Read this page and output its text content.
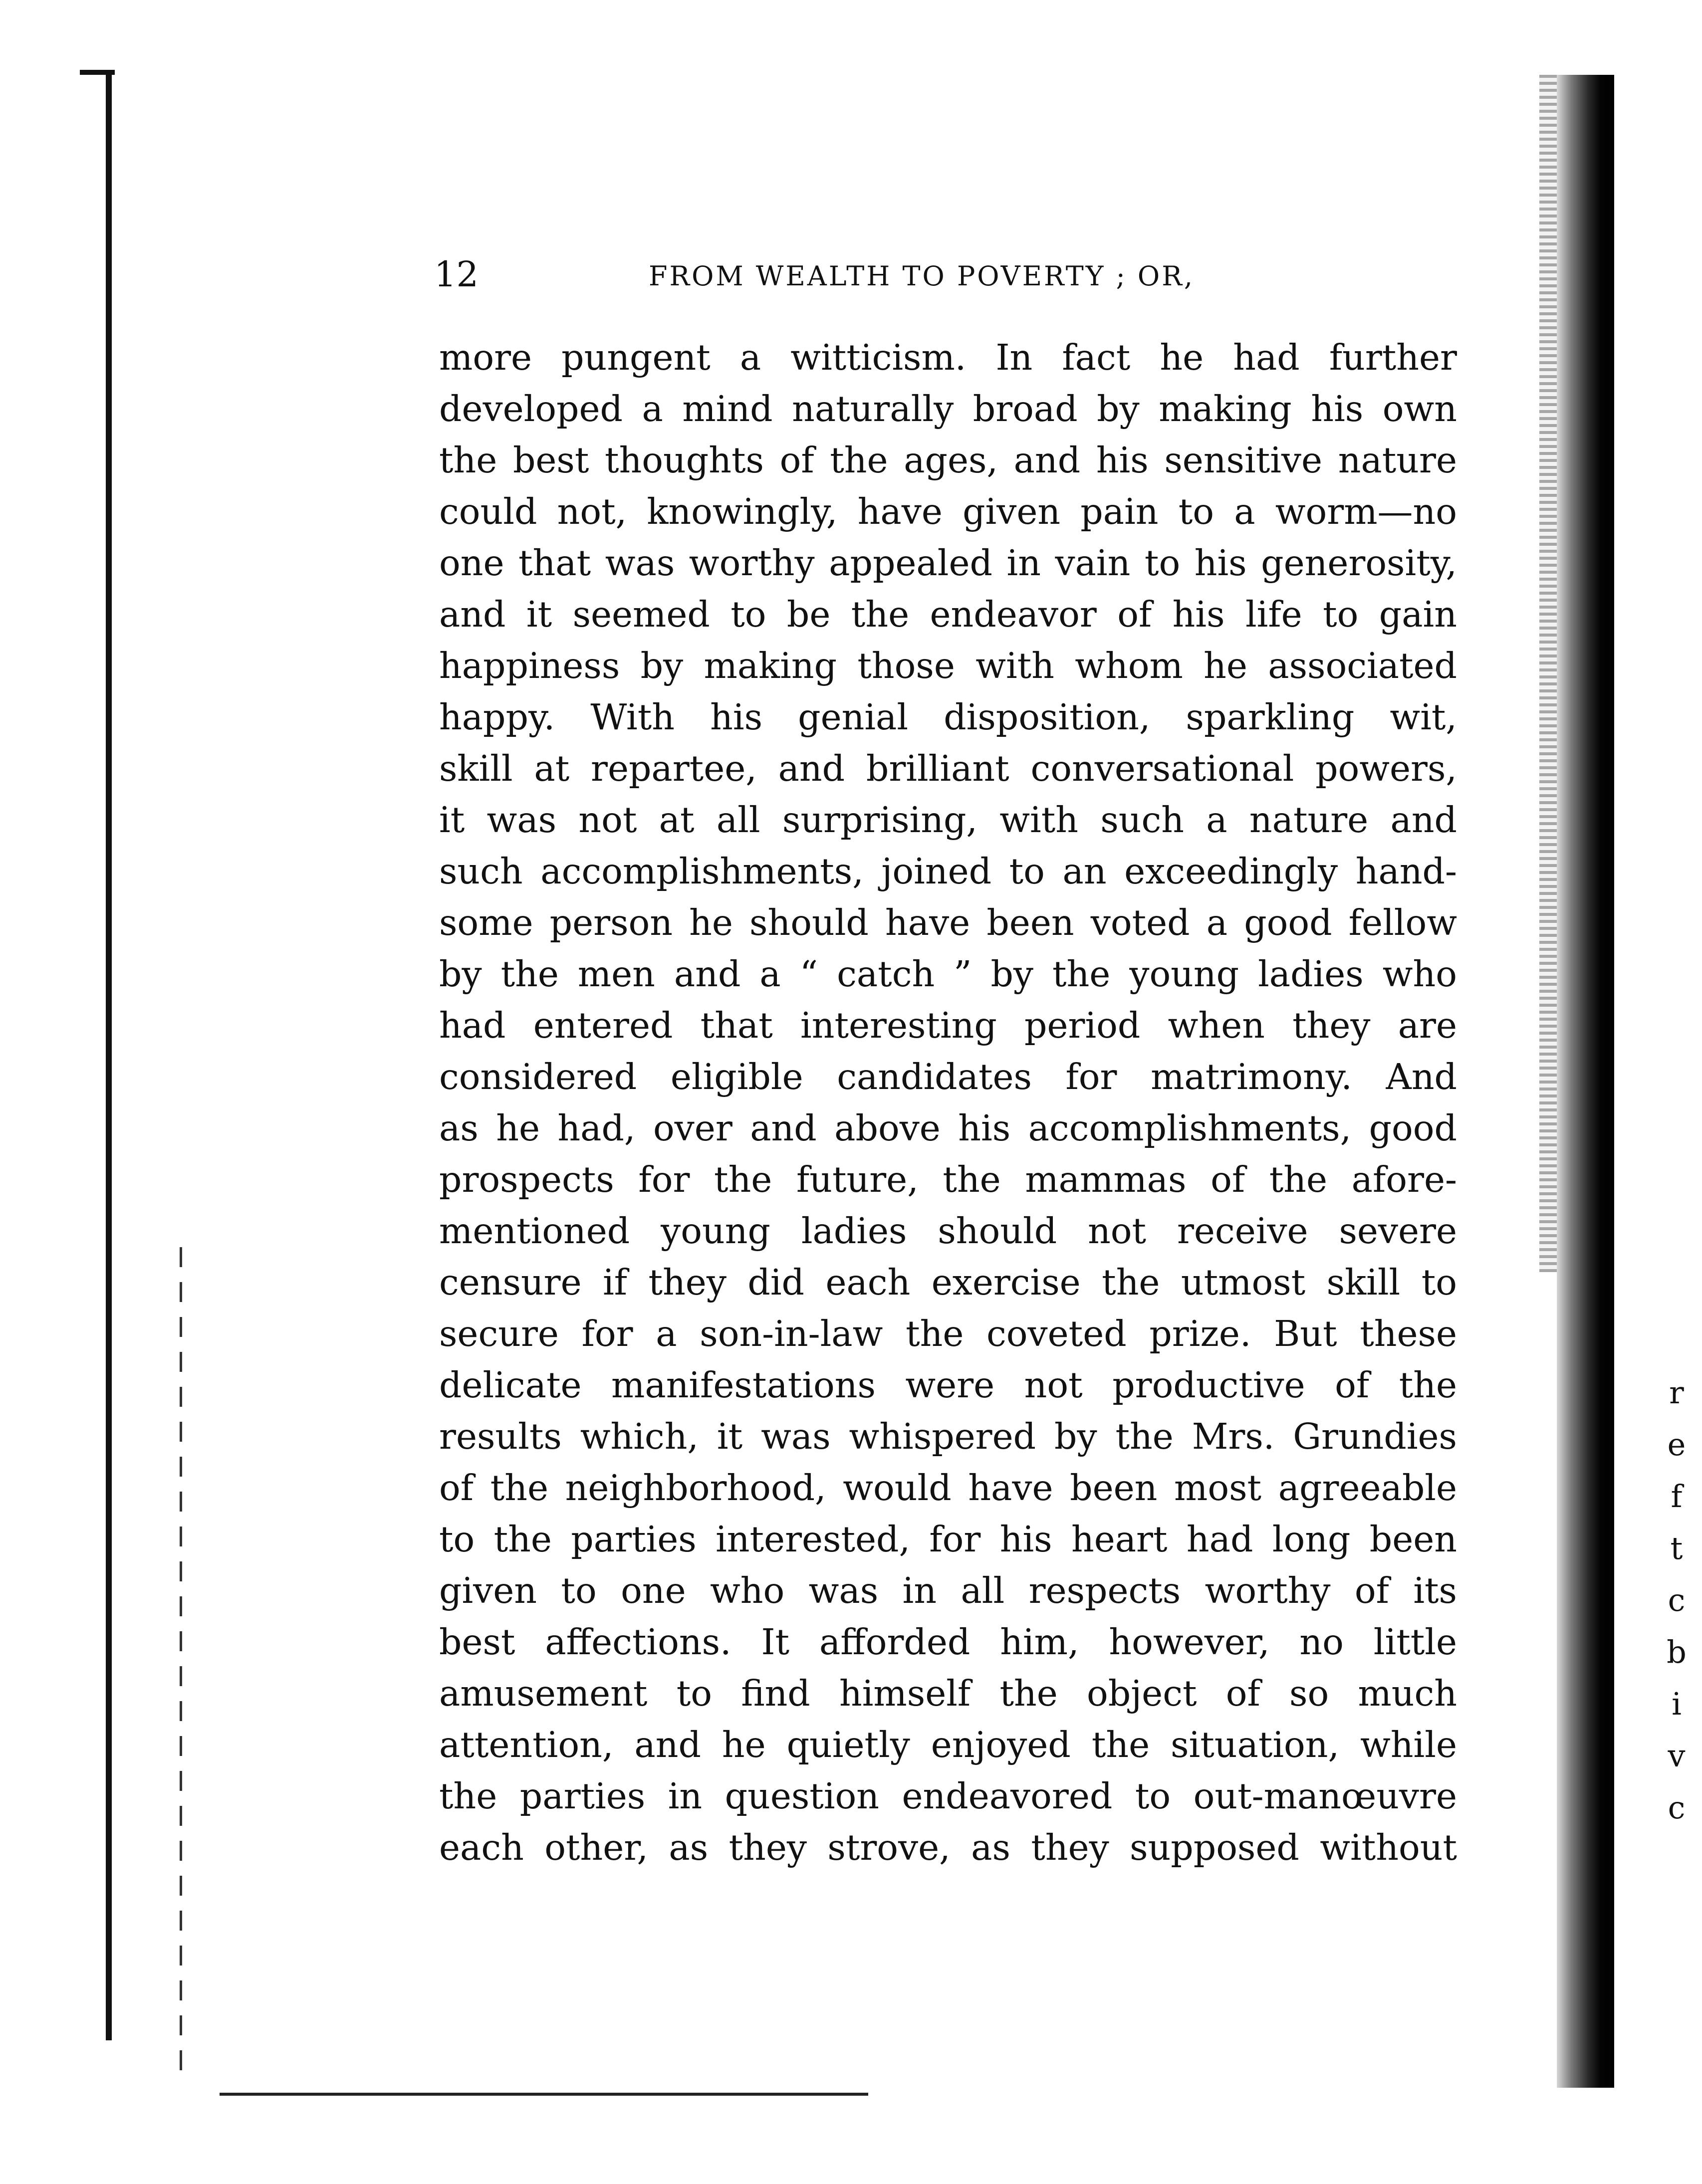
12	FROM WEALTH TO POVERTY ; OR,
more pungent a witticism. In fact he had further
developed a mind naturally broad by making his own
the best thoughts of the ages, and his sensitive nature
could not, knowingly, have given pain to a worm—no
one that was worthy appealed in vain to his generosity,
and it seemed to be the endeavor of his life to gain
happiness by making those with whom he associated
happy. With his genial disposition, sparkling wit,
skill at repartee, and brilliant conversational powers,
it was not at all surprising, with such a nature and
such accomplishments, joined to an exceedingly hand-
some person he should have been voted a good fellow
by the men and a “ catch ” by the young ladies who
had entered that interesting period when they are
considered eligible candidates for matrimony. And
as he had, over and above his accomplishments, good
prospects for the future, the mammas of the afore-
mentioned young ladies should not receive severe
censure if they did each exercise the utmost skill to
secure for a son-in-law the coveted prize. But these
delicate manifestations were not productive of the
results which, it was whispered by the Mrs. Grundies
of the neighborhood, would have been most agreeable
to the parties interested, for his heart had long been
given to one who was in all respects worthy of its
best affections. It afforded him, however, no little
amusement to find himself the object of so much
attention, and he quietly enjoyed the situation, while
the parties in question endeavored to out-manœuvre
each other, as they strove, as they supposed without
r
e
f
t
c
b
i
v
c
